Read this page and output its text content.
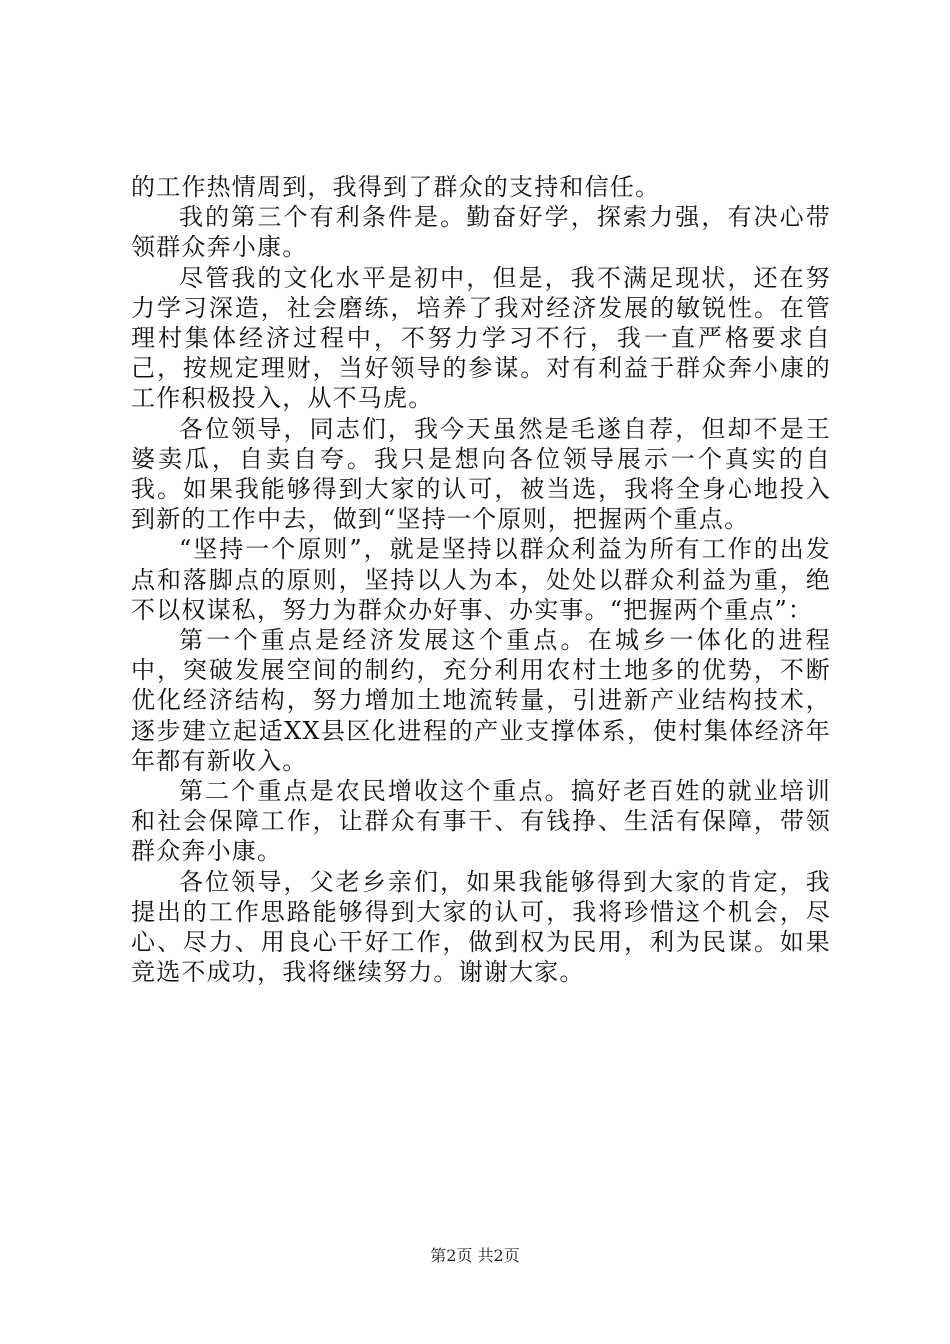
的工作热情周到，我得到了群众的支持和信任。

我的第三个有利条件是。勤奋好学，探索力强，有决心带领群众奔小康。

尽管我的文化水平是初中，但是，我不满足现状，还在努力学习深造，社会磨练，培养了我对经济发展的敏锐性。在管理村集体经济过程中，不努力学习不行，我一直严格要求自己，按规定理财，当好领导的参谋。对有利益于群众奔小康的工作积极投入，从不马虎。

各位领导，同志们，我今天虽然是毛遂自荐，但却不是王婆卖瓜，自卖自夸。我只是想向各位领导展示一个真实的自我。如果我能够得到大家的认可，被当选，我将全身心地投入到新的工作中去，做到“坚持一个原则，把握两个重点。

“坚持一个原则”，就是坚持以群众利益为所有工作的出发点和落脚点的原则，坚持以人为本，处处以群众利益为重，绝不以权谋私，努力为群众办好事、办实事。“把握两个重点”：

第一个重点是经济发展这个重点。在城乡一体化的进程中，突破发展空间的制约，充分利用农村土地多的优势，不断优化经济结构，努力增加土地流转量，引进新产业结构技术，逐步建立起适XX县区化进程的产业支撑体系，使村集体经济年年都有新收入。

第二个重点是农民增收这个重点。搞好老百姓的就业培训和社会保障工作，让群众有事干、有钱挣、生活有保障，带领群众奔小康。

各位领导，父老乡亲们，如果我能够得到大家的肯定，我提出的工作思路能够得到大家的认可，我将珍惜这个机会，尽心、尽力、用良心干好工作，做到权为民用，利为民谋。如果竞选不成功，我将继续努力。谢谢大家。

第2页 共2页
